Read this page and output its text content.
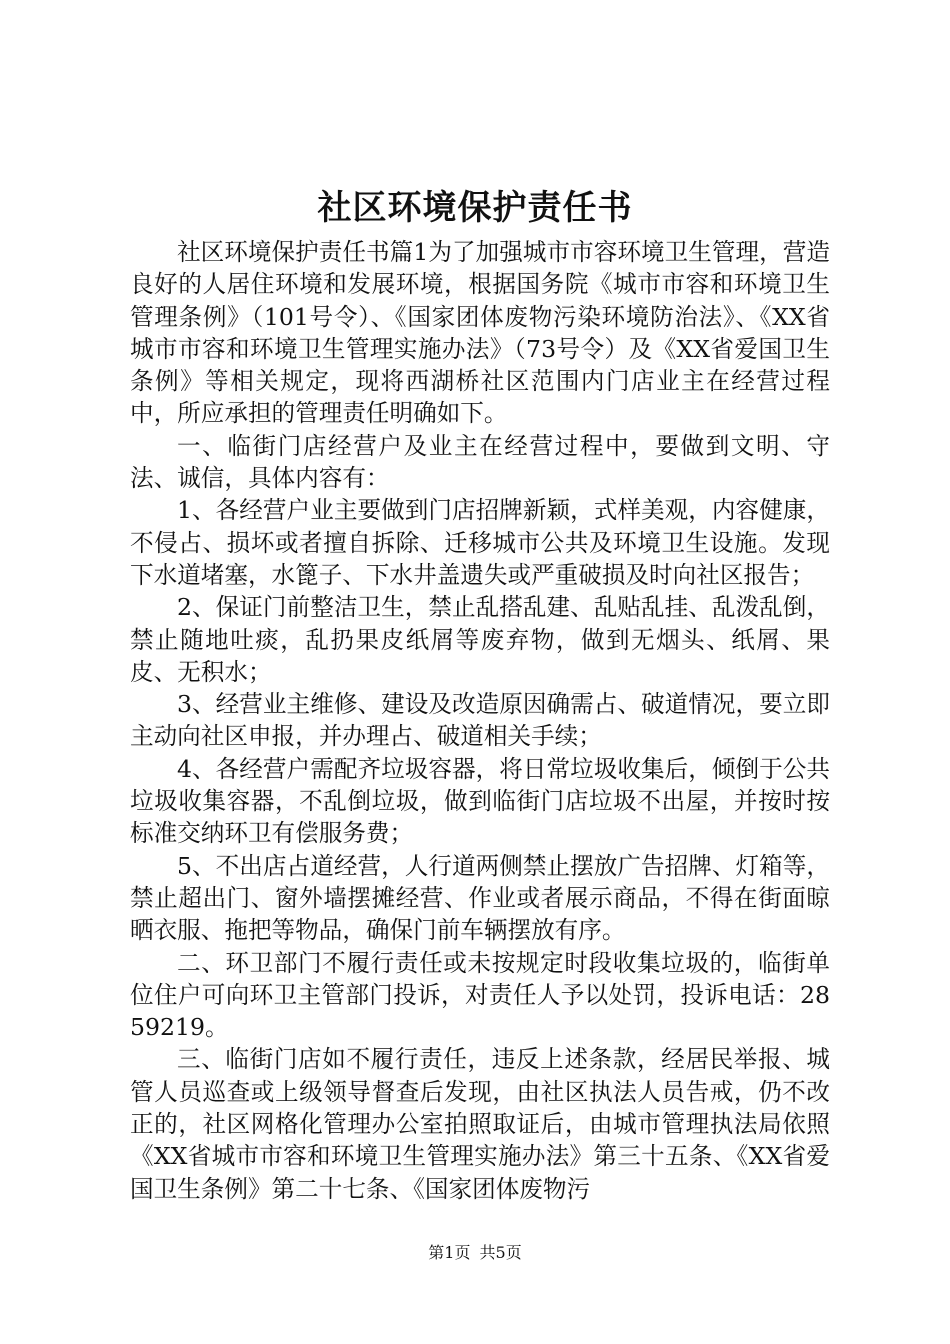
社区环境保护责任书

社区环境保护责任书篇1为了加强城市市容环境卫生管理，营造良好的人居住环境和发展环境，根据国务院《城市市容和环境卫生管理条例》（101号令）、《国家团体废物污染环境防治法》、《XX省城市市容和环境卫生管理实施办法》（73号令）及《XX省爱国卫生条例》等相关规定，现将西湖桥社区范围内门店业主在经营过程中，所应承担的管理责任明确如下。

一、临街门店经营户及业主在经营过程中，要做到文明、守法、诚信，具体内容有：

1、各经营户业主要做到门店招牌新颖，式样美观，内容健康，不侵占、损坏或者擅自拆除、迁移城市公共及环境卫生设施。发现下水道堵塞，水篦子、下水井盖遗失或严重破损及时向社区报告；

2、保证门前整洁卫生，禁止乱搭乱建、乱贴乱挂、乱泼乱倒，禁止随地吐痰，乱扔果皮纸屑等废弃物，做到无烟头、纸屑、果皮、无积水；

3、经营业主维修、建设及改造原因确需占、破道情况，要立即主动向社区申报，并办理占、破道相关手续；

4、各经营户需配齐垃圾容器，将日常垃圾收集后，倾倒于公共垃圾收集容器，不乱倒垃圾，做到临街门店垃圾不出屋，并按时按标准交纳环卫有偿服务费；

5、不出店占道经营，人行道两侧禁止摆放广告招牌、灯箱等，禁止超出门、窗外墙摆摊经营、作业或者展示商品，不得在街面晾晒衣服、拖把等物品，确保门前车辆摆放有序。

二、环卫部门不履行责任或未按规定时段收集垃圾的，临街单位住户可向环卫主管部门投诉，对责任人予以处罚，投诉电话：2859219。

三、临街门店如不履行责任，违反上述条款，经居民举报、城管人员巡查或上级领导督查后发现，由社区执法人员告戒，仍不改正的，社区网格化管理办公室拍照取证后，由城市管理执法局依照《XX省城市市容和环境卫生管理实施办法》第三十五条、《XX省爱国卫生条例》第二十七条、《国家团体废物污

第1页 共5页
